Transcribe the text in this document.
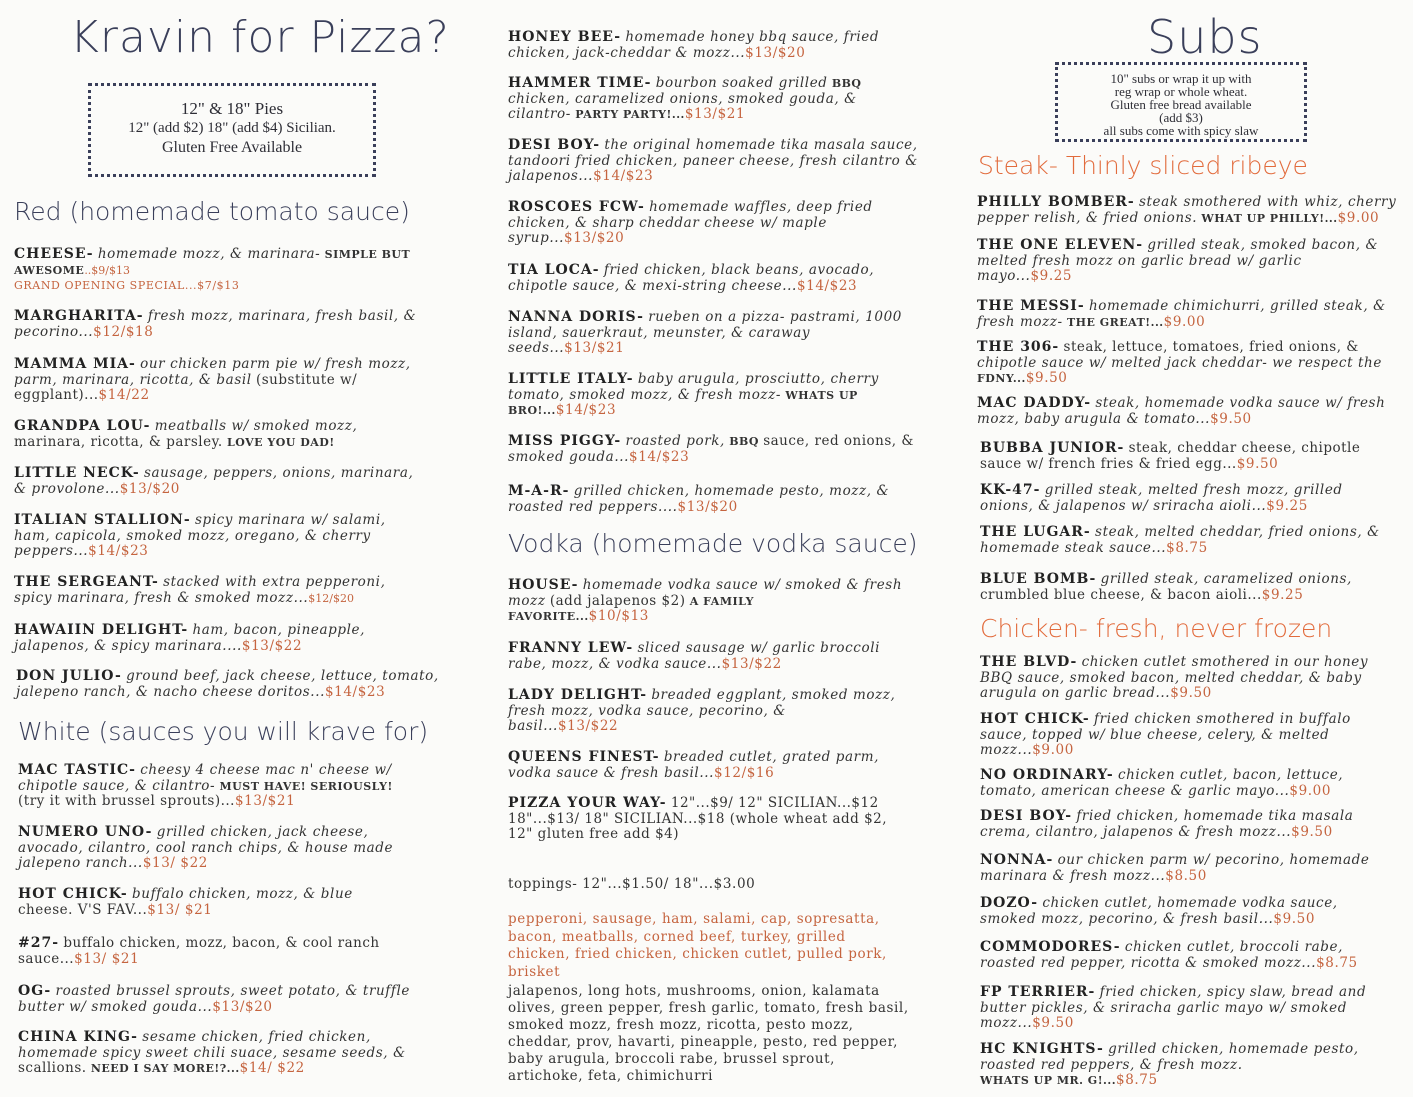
Kravin for Pizza?
12" & 18" Pies
12" (add $2) 18" (add $4) Sicilian.
Gluten Free Available
Red (homemade tomato sauce)
CHEESE- homemade mozz, & marinara- SIMPLE BUT
AWESOME..$9/$13
GRAND OPENING SPECIAL...$7/$13
MARGHARITA- fresh mozz, marinara, fresh basil, &
pecorino...$12/$18
MAMMA MIA- our chicken parm pie w/ fresh mozz,
parm, marinara, ricotta, & basil (substitute w/
eggplant)...$14/22
GRANDPA LOU- meatballs w/ smoked mozz,
marinara, ricotta, & parsley. LOVE YOU DAD!
LITTLE NECK- sausage, peppers, onions, marinara,
& provolone...$13/$20
ITALIAN STALLION- spicy marinara w/ salami,
ham, capicola, smoked mozz, oregano, & cherry
peppers...$14/$23
THE SERGEANT- stacked with extra pepperoni,
spicy marinara, fresh & smoked mozz...$12/$20
HAWAIIN DELIGHT- ham, bacon, pineapple,
jalapenos, & spicy marinara....$13/$22
DON JULIO- ground beef, jack cheese, lettuce, tomato,
jalepeno ranch, & nacho cheese doritos...$14/$23
White (sauces you will krave for)
MAC TASTIC- cheesy 4 cheese mac n' cheese w/
chipotle sauce, & cilantro- MUST HAVE! SERIOUSLY!
(try it with brussel sprouts)...$13/$21
NUMERO UNO- grilled chicken, jack cheese,
avocado, cilantro, cool ranch chips, & house made
jalepeno ranch...$13/ $22
HOT CHICK- buffalo chicken, mozz, & blue
cheese. V'S FAV...$13/ $21
#27- buffalo chicken, mozz, bacon, & cool ranch
sauce...$13/ $21
OG- roasted brussel sprouts, sweet potato, & truffle
butter w/ smoked gouda...$13/$20
CHINA KING- sesame chicken, fried chicken,
homemade spicy sweet chili suace, sesame seeds, &
scallions. NEED I SAY MORE!?...$14/ $22
HONEY BEE- homemade honey bbq sauce, fried
chicken, jack-cheddar & mozz...$13/$20
HAMMER TIME- bourbon soaked grilled BBQ
chicken, caramelized onions, smoked gouda, &
cilantro- PARTY PARTY!...$13/$21
DESI BOY- the original homemade tika masala sauce,
tandoori fried chicken, paneer cheese, fresh cilantro &
jalapenos...$14/$23
ROSCOES FCW- homemade waffles, deep fried
chicken, & sharp cheddar cheese w/ maple
syrup...$13/$20
TIA LOCA- fried chicken, black beans, avocado,
chipotle sauce, & mexi-string cheese...$14/$23
NANNA DORIS- rueben on a pizza- pastrami, 1000
island, sauerkraut, meunster, & caraway
seeds...$13/$21
LITTLE ITALY- baby arugula, prosciutto, cherry
tomato, smoked mozz, & fresh mozz- WHATS UP
BRO!...$14/$23
MISS PIGGY- roasted pork, BBQ sauce, red onions, &
smoked gouda...$14/$23
M-A-R- grilled chicken, homemade pesto, mozz, &
roasted red peppers....$13/$20
Vodka (homemade vodka sauce)
HOUSE- homemade vodka sauce w/ smoked & fresh
mozz (add jalapenos $2) A FAMILY
FAVORITE...$10/$13
FRANNY LEW- sliced sausage w/ garlic broccoli
rabe, mozz, & vodka sauce...$13/$22
LADY DELIGHT- breaded eggplant, smoked mozz,
fresh mozz, vodka sauce, pecorino, &
basil...$13/$22
QUEENS FINEST- breaded cutlet, grated parm,
vodka sauce & fresh basil...$12/$16
PIZZA YOUR WAY- 12"...$9/ 12" SICILIAN...$12
18"...$13/ 18" SICILIAN...$18 (whole wheat add $2,
12" gluten free add $4)
toppings- 12"...$1.50/ 18"...$3.00
pepperoni, sausage, ham, salami, cap, sopresatta,
bacon, meatballs, corned beef, turkey, grilled
chicken, fried chicken, chicken cutlet, pulled pork,
brisket
jalapenos, long hots, mushrooms, onion, kalamata
olives, green pepper, fresh garlic, tomato, fresh basil,
smoked mozz, fresh mozz, ricotta, pesto mozz,
cheddar, prov, havarti, pineapple, pesto, red pepper,
baby arugula, broccoli rabe, brussel sprout,
artichoke, feta, chimichurri
Subs
10" subs or wrap it up with
reg wrap or whole wheat.
Gluten free bread available
(add $3)
all subs come with spicy slaw
Steak- Thinly sliced ribeye
PHILLY BOMBER- steak smothered with whiz, cherry
pepper relish, & fried onions. WHAT UP PHILLY!...$9.00
THE ONE ELEVEN- grilled steak, smoked bacon, &
melted fresh mozz on garlic bread w/ garlic
mayo...$9.25
THE MESSI- homemade chimichurri, grilled steak, &
fresh mozz- THE GREAT!...$9.00
THE 306- steak, lettuce, tomatoes, fried onions, &
chipotle sauce w/ melted jack cheddar- we respect the
FDNY...$9.50
MAC DADDY- steak, homemade vodka sauce w/ fresh
mozz, baby arugula & tomato...$9.50
BUBBA JUNIOR- steak, cheddar cheese, chipotle
sauce w/ french fries & fried egg...$9.50
KK-47- grilled steak, melted fresh mozz, grilled
onions, & jalapenos w/ sriracha aioli...$9.25
THE LUGAR- steak, melted cheddar, fried onions, &
homemade steak sauce...$8.75
BLUE BOMB- grilled steak, caramelized onions,
crumbled blue cheese, & bacon aioli...$9.25
Chicken- fresh, never frozen
THE BLVD- chicken cutlet smothered in our honey
BBQ sauce, smoked bacon, melted cheddar, & baby
arugula on garlic bread...$9.50
HOT CHICK- fried chicken smothered in buffalo
sauce, topped w/ blue cheese, celery, & melted
mozz...$9.00
NO ORDINARY- chicken cutlet, bacon, lettuce,
tomato, american cheese & garlic mayo...$9.00
DESI BOY- fried chicken, homemade tika masala
crema, cilantro, jalapenos & fresh mozz...$9.50
NONNA- our chicken parm w/ pecorino, homemade
marinara & fresh mozz...$8.50
DOZO- chicken cutlet, homemade vodka sauce,
smoked mozz, pecorino, & fresh basil...$9.50
COMMODORES- chicken cutlet, broccoli rabe,
roasted red pepper, ricotta & smoked mozz...$8.75
FP TERRIER- fried chicken, spicy slaw, bread and
butter pickles, & sriracha garlic mayo w/ smoked
mozz...$9.50
HC KNIGHTS- grilled chicken, homemade pesto,
roasted red peppers, & fresh mozz.
WHATS UP MR. G!...$8.75
